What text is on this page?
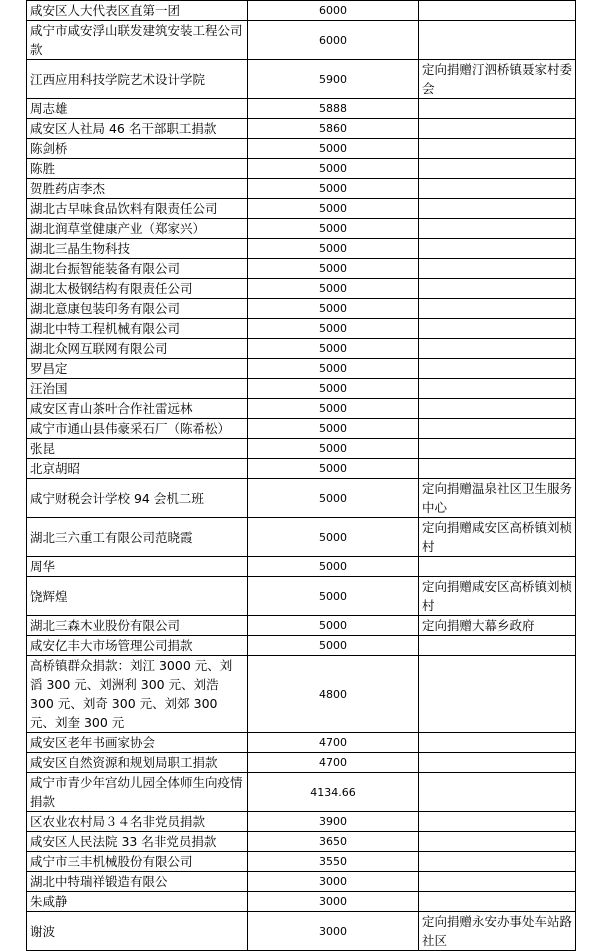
咸安区人大代表区直第一团	6000	
咸宁市咸安浮山联发建筑安装工程公司款	6000	
江西应用科技学院艺术设计学院	5900	定向捐赠汀泗桥镇聂家村委会
周志雄	5888	
咸安区人社局 46 名干部职工捐款	5860	
陈剑桥	5000	
陈胜	5000	
贺胜药店李杰	5000	
湖北古早味食品饮料有限责任公司	5000	
湖北润草堂健康产业（郑家兴）	5000	
湖北三晶生物科技	5000	
湖北台振智能装备有限公司	5000	
湖北太极钢结构有限责任公司	5000	
湖北意康包装印务有限公司	5000	
湖北中特工程机械有限公司	5000	
湖北众网互联网有限公司	5000	
罗昌定	5000	
汪治国	5000	
咸安区青山茶叶合作社雷远林	5000	
咸宁市通山县伟豪采石厂（陈希松）	5000	
张昆	5000	
北京胡昭	5000	
咸宁财税会计学校 94 会机二班	5000	定向捐赠温泉社区卫生服务中心
湖北三六重工有限公司范晓霞	5000	定向捐赠咸安区高桥镇刘桢村
周华	5000	
饶辉煌	5000	定向捐赠咸安区高桥镇刘桢村
湖北三森木业股份有限公司	5000	定向捐赠大幕乡政府
咸安亿丰大市场管理公司捐款	5000	
高桥镇群众捐款：刘江 3000 元、刘滔 300 元、刘洲利 300 元、刘浩 300 元、刘奇 300 元、刘郊 300 元、刘奎 300 元	4800	
咸安区老年书画家协会	4700	
咸安区自然资源和规划局职工捐款	4700	
咸宁市青少年宫幼儿园全体师生向疫情捐款	4134.66	
区农业农村局３４名非党员捐款	3900	
咸安区人民法院 33 名非党员捐款	3650	
咸宁市三丰机械股份有限公司	3550	
湖北中特瑞祥锻造有限公	3000	
朱咸静	3000	
谢波	3000	定向捐赠永安办事处车站路社区
